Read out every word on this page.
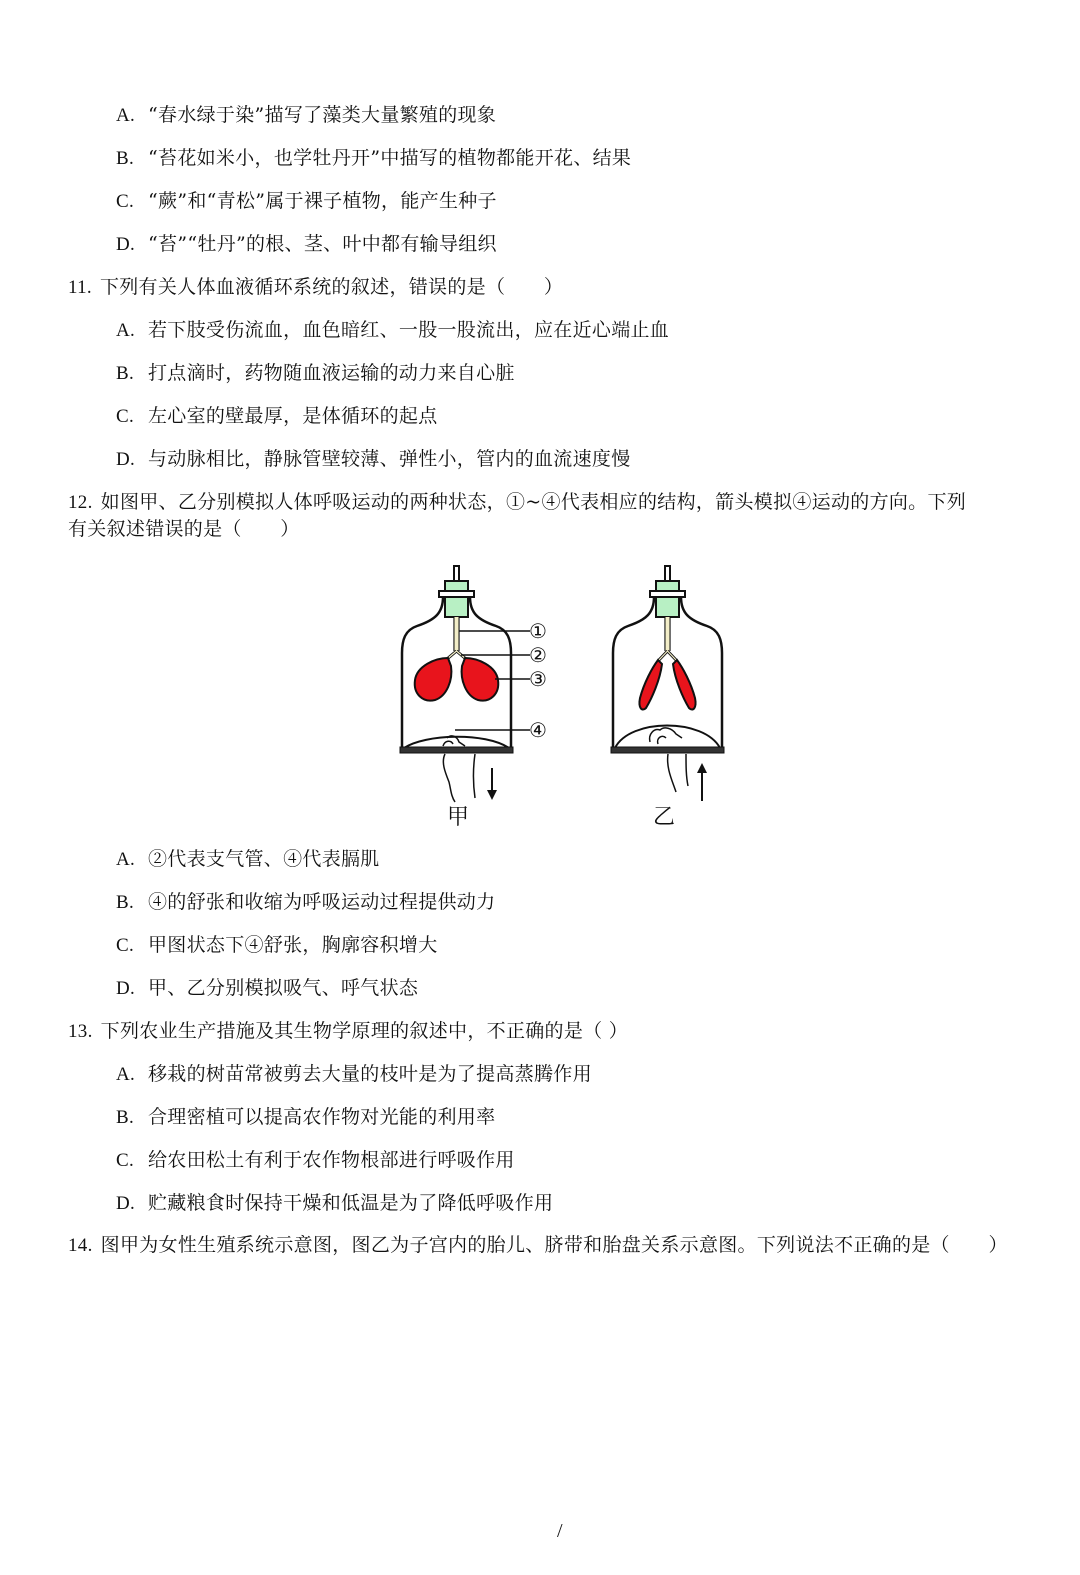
A. “春水绿于染”描写了藻类大量繁殖的现象
B. “苔花如米小，也学牡丹开”中描写的植物都能开花、结果
C. “蕨”和“青松”属于裸子植物，能产生种子
D. “苔”“牡丹”的根、茎、叶中都有输导组织
11. 下列有关人体血液循环系统的叙述，错误的是（　　）
A. 若下肢受伤流血，血色暗红、一股一股流出，应在近心端止血
B. 打点滴时，药物随血液运输的动力来自心脏
C. 左心室的壁最厚，是体循环的起点
D. 与动脉相比，静脉管壁较薄、弹性小，管内的血流速度慢
12. 如图甲、乙分别模拟人体呼吸运动的两种状态，①~④代表相应的结构，箭头模拟④运动的方向。下列
有关叙述错误的是（　　）
①
②
③
④
甲	乙
A. ②代表支气管、④代表膈肌
B. ④的舒张和收缩为呼吸运动过程提供动力
C. 甲图状态下④舒张，胸廓容积增大
D. 甲、乙分别模拟吸气、呼气状态
13. 下列农业生产措施及其生物学原理的叙述中，不正确的是（ ）
A. 移栽的树苗常被剪去大量的枝叶是为了提高蒸腾作用
B. 合理密植可以提高农作物对光能的利用率
C. 给农田松土有利于农作物根部进行呼吸作用
D. 贮藏粮食时保持干燥和低温是为了降低呼吸作用
14. 图甲为女性生殖系统示意图，图乙为子宫内的胎儿、脐带和胎盘关系示意图。下列说法不正确的是（　　）
/
